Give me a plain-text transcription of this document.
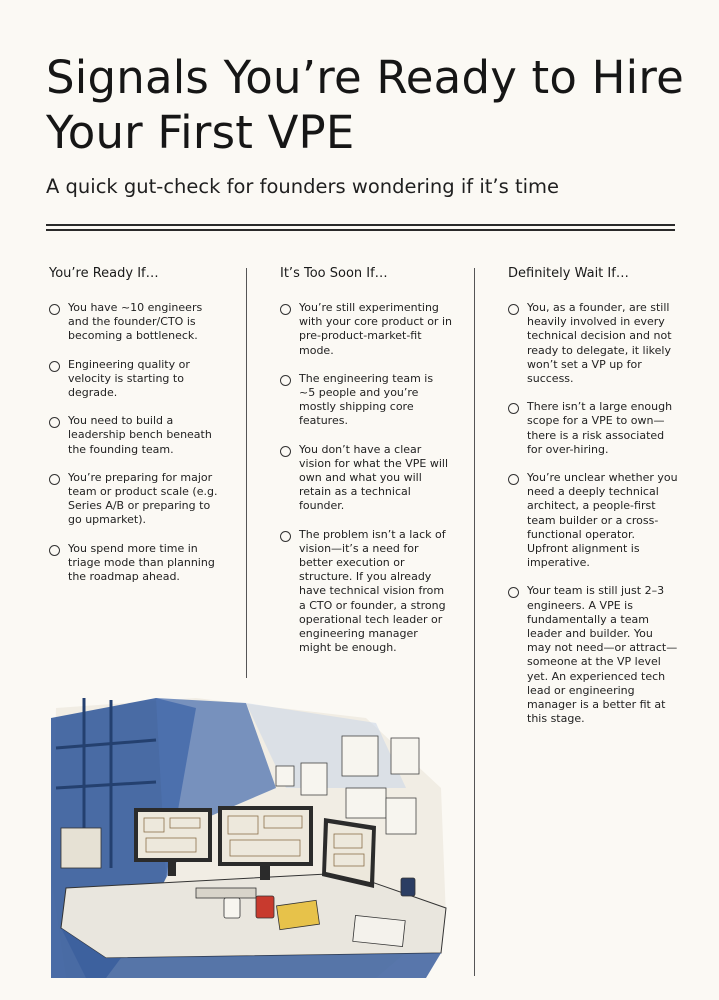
Signals You’re Ready to Hire Your First VPE
A quick gut-check for founders wondering if it’s time
You’re Ready If…
You have ~10 engineers and the founder/CTO is becoming a bottleneck.
Engineering quality or velocity is starting to degrade.
You need to build a leadership bench beneath the founding team.
You’re preparing for major team or product scale (e.g. Series A/B or preparing to go upmarket).
You spend more time in triage mode than planning the roadmap ahead.
It’s Too Soon If…
You’re still experimenting with your core product or in pre-product-market-fit mode.
The engineering team is ~5 people and you’re mostly shipping core features.
You don’t have a clear vision for what the VPE will own and what you will retain as a technical founder.
The problem isn’t a lack of vision—it’s a need for better execution or structure. If you already have technical vision from a CTO or founder, a strong operational tech leader or engineering manager might be enough.
Definitely Wait If…
You, as a founder, are still heavily involved in every technical decision and not ready to delegate, it likely won’t set a VP up for success.
There isn’t a large enough scope for a VPE to own—there is a risk associated for over-hiring.
You’re unclear whether you need a deeply technical architect, a people-first team builder or a cross-functional operator. Upfront alignment is imperative.
Your team is still just 2–3 engineers. A VPE is fundamentally a team leader and builder. You may not need—or attract—someone at the VP level yet. An experienced tech lead or engineering manager is a better fit at this stage.
